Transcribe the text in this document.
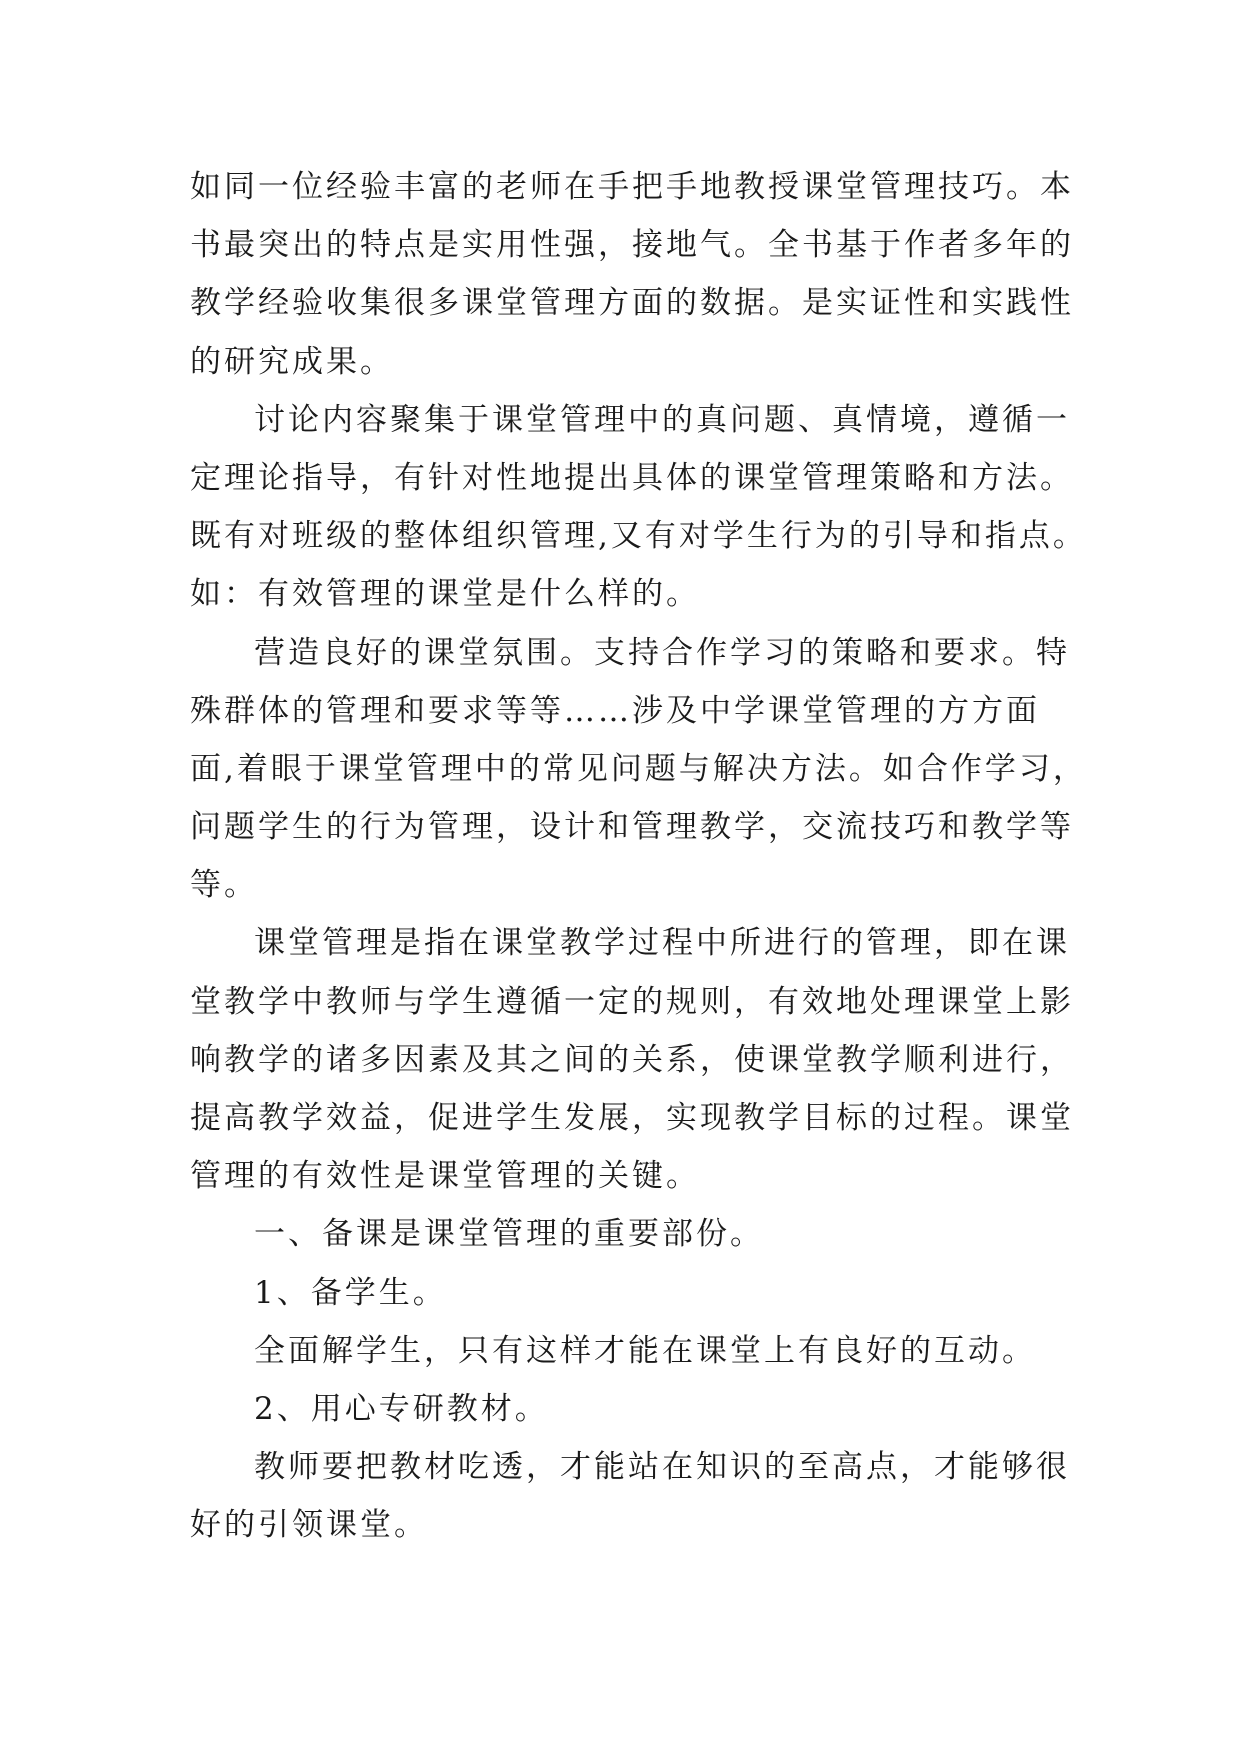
如同一位经验丰富的老师在手把手地教授课堂管理技巧。本
书最突出的特点是实用性强，接地气。全书基于作者多年的
教学经验收集很多课堂管理方面的数据。是实证性和实践性
的研究成果。
讨论内容聚集于课堂管理中的真问题、真情境，遵循一
定理论指导，有针对性地提出具体的课堂管理策略和方法。
既有对班级的整体组织管理,又有对学生行为的引导和指点。
如：有效管理的课堂是什么样的。
营造良好的课堂氛围。支持合作学习的策略和要求。特
殊群体的管理和要求等等……涉及中学课堂管理的方方面
面,着眼于课堂管理中的常见问题与解决方法。如合作学习，
问题学生的行为管理，设计和管理教学，交流技巧和教学等
等。
课堂管理是指在课堂教学过程中所进行的管理，即在课
堂教学中教师与学生遵循一定的规则，有效地处理课堂上影
响教学的诸多因素及其之间的关系，使课堂教学顺利进行，
提高教学效益，促进学生发展，实现教学目标的过程。课堂
管理的有效性是课堂管理的关键。
一、备课是课堂管理的重要部份。
1、备学生。
全面解学生，只有这样才能在课堂上有良好的互动。
2、用心专研教材。
教师要把教材吃透，才能站在知识的至高点，才能够很
好的引领课堂。
